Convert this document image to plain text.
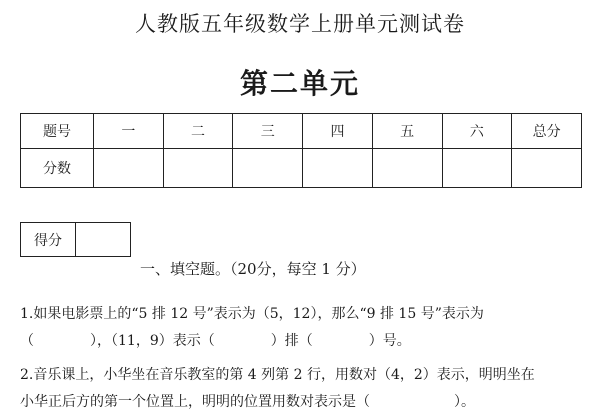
人教版五年级数学上册单元测试卷
第二单元
题号	一	二	三	四	五	六	总分
分数							
得分	
一、填空题。（20分，每空 1 分）
1.如果电影票上的“5 排 12 号”表示为（5，12），那么“9 排 15 号”表示为
（　　　　），（11，9）表示（　　　　）排（　　　　）号。
2.音乐课上，小华坐在音乐教室的第 4 列第 2 行，用数对（4，2）表示，明明坐在
小华正后方的第一个位置上，明明的位置用数对表示是（　　　　　　）。
